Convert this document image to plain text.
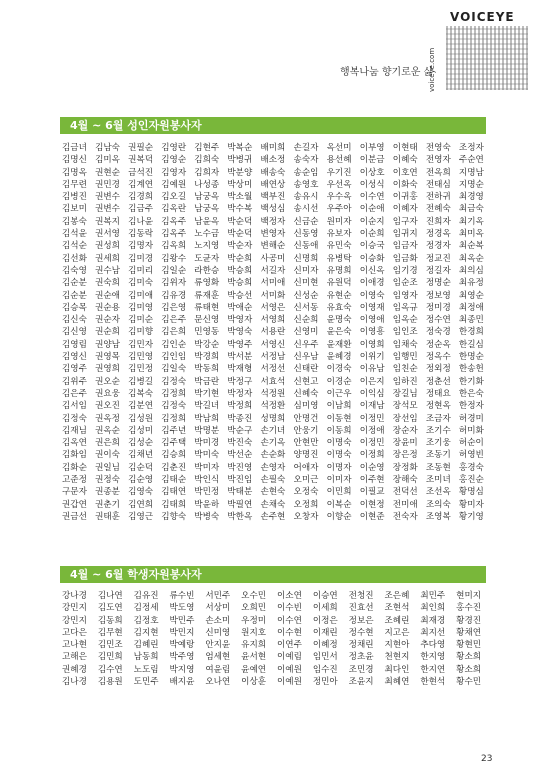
VOICEYE
voiceye.com
행복나눔 향기로운 삶
4월 ~ 6월 성인자원봉사자
김금녀 김남숙 권필순 김영란 김현주 박복순 배미희 손길자 옥선미 이부영 이현태 전영숙 조정자
김명신 김미옥 권복덕 김영순 김희숙 박병귀 배소정 송숙자 용선혜 이분금 이혜숙 전영자 주순연
김명옥 권현순 금석진 김영자 김희자 박분양 배송숙 송순임 우기진 이상호 이호연 전옥희 지명남
김무련 권민경 김계연 김예원 나성종 박상미 배연상 송영호 우선옥 이성식 이화숙 전태심 지명순
김병진 권변수 김경희 김오길 남궁옥 박소월 백부진 송유시 우수옥 이수연 이귀홍 전하귀 최경영
김보미 권변수 김금주 김옥란 남궁옥 박수복 백성심 송시선 우주아 이순애 이혜자 전혜숙 최금숙
김봉숙 권복지 김나윤 김옥주 남윤옥 박순덕 백정자 신금순 원미자 이순지 임구자 진희자 최기옥
김석윤 권서영 김동락 김옥주 노수금 박순덕 변영자 신동영 유보자 이순희 임귀지 정경옥 최미옥
김석순 권성희 김명자 김옥희 노지영 박순자 변해순 신동애 유민숙 이승국 임금자 정경자 최순복
김선화 권세희 김미경 김왕수 도균자 박순희 사공미 신명희 유병탁 이승화 임금화 정교진 최옥순
김숙영 권수남 김미리 김일순 라한승 박승희 서길자 신미자 유명희 이신옥 임기경 정길자 최의심
김순분 권숙희 김미숙 김위자 류영화 박승희 서미애 신미현 유원덕 이애경 임순조 정명순 최유정
김순분 권순애 김미애 김유경 류재훈 박승선 서미화 신성순 유현순 이영숙 임영자 정보영 최영순
김승목 권순용 김미영 김은영 류태현 박애순 서영은 신서동 유효숙 이영재 임옥규 정미경 최정애
김신숙 권순자 김미순 김은주 문신영 박영자 서영희 신순희 윤명숙 이영애 임옥순 정수연 최종민
김신영 권순희 김미향 김은희 민영동 박영숙 서용란 신영미 윤은숙 이영흥 임인조 정숙경 한경희
김영림 권양남 김민자 김인순 박강순 박영주 서영신 신우주 윤재환 이영희 임채숙 정순옥 한길심
김영신 권영목 김민영 김인임 박경희 박서분 서정남 신우남 윤혜경 이위기 임행민 정옥수 한명순
김영주 권영희 김민정 김일숙 박동희 박재형 서정선 신태란 이경숙 이유남 임친순 정외정 한송헌
김위주 권오순 김병길 김정숙 박금란 박정구 서효석 신현고 이경순 이은지 임하진 정춘선 한기화
김은주 권요웅 김복숙 김정희 박기현 박정자 석정원 신혜숙 이근우 이익심 장길님 정태요 한은숙
김서임 권오진 김분연 김정숙 박길녀 박정희 석정환 심미영 이남희 이재남 장석모 정현옥 한정자
김정숙 권옥정 김성원 김정희 박남희 박종진 성명희 안명건 이동현 이정민 장선임 조금자 허경미
김재님 권옥순 김성미 김주년 박명분 박순구 손기녀 안웅기 이동희 이정애 장순자 조기수 허미화
김옥연 권은희 김성순 김주택 박미경 박진숙 손기옥 안현만 이명숙 이정민 장윤미 조기웅 허순이
김화임 권이숙 김채년 김승희 박미숙 박선순 손순화 양명진 이명숙 이정희 장은정 조동기 허영빈
김화순 권일님 김순덕 김춘진 박미자 박진영 손영자 어애자 이명자 이순영 장정화 조동현 홍경숙
고준정 권정숙 김순영 김태순 박인식 박진임 손필숙 오미근 이미자 이주현 장해숙 조미녀 홍진순
구문자 권종분 김영숙 김태연 박민정 박태분 손현숙 오정숙 이민희 이필교 전덕선 조선옥 황명심
권갑연 권춘기 김연희 김태희 박윤하 박필연 손채숙 오정희 이복순 이현정 전미애 조의숙 황미자
권금선 권태훈 김영근 김향숙 박병숙 박한옥 손주현 오창자 이향순 이현준 전숙자 조영복 황기영
4월 ~ 6월 학생자원봉사자
강나경	김나연	김유진	류수빈	서민주	오수민	이소연	이승연	전청진	조은혜	최민주	현미지
강민지	김도연	김정세	박도영	서상미	오희민	이수빈	이세희	진효선	조현석	최인희	홍수진
강민지	김동희	김정호	박민주	손소미	우정미	이수연	이정은	정보은	조혜린	최재경	황경진
고다은	김무현	김지현	박민지	신미영	원지호	이수현	이재린	정수현	지고은	최지선	황채연
고나현	김민조	김혜린	박예랑	안지윤	유지희	이연주	이혜정	정채린	지현아	추다영	황현민
고해은	김민희	남동희	박주영	엄세현	윤서현	이예림	임민서	정초윤	천현지	한지영	황소희
권혜경	김수연	노도림	박지영	여윤림	윤예연	이예원	임수진	조민경	최다인	한지연	황소희
김나경	김용원	도민주	배지윤	오나연	이상훈	이예원	정민아	조윤지	최혜연	한현석	황수민
23
